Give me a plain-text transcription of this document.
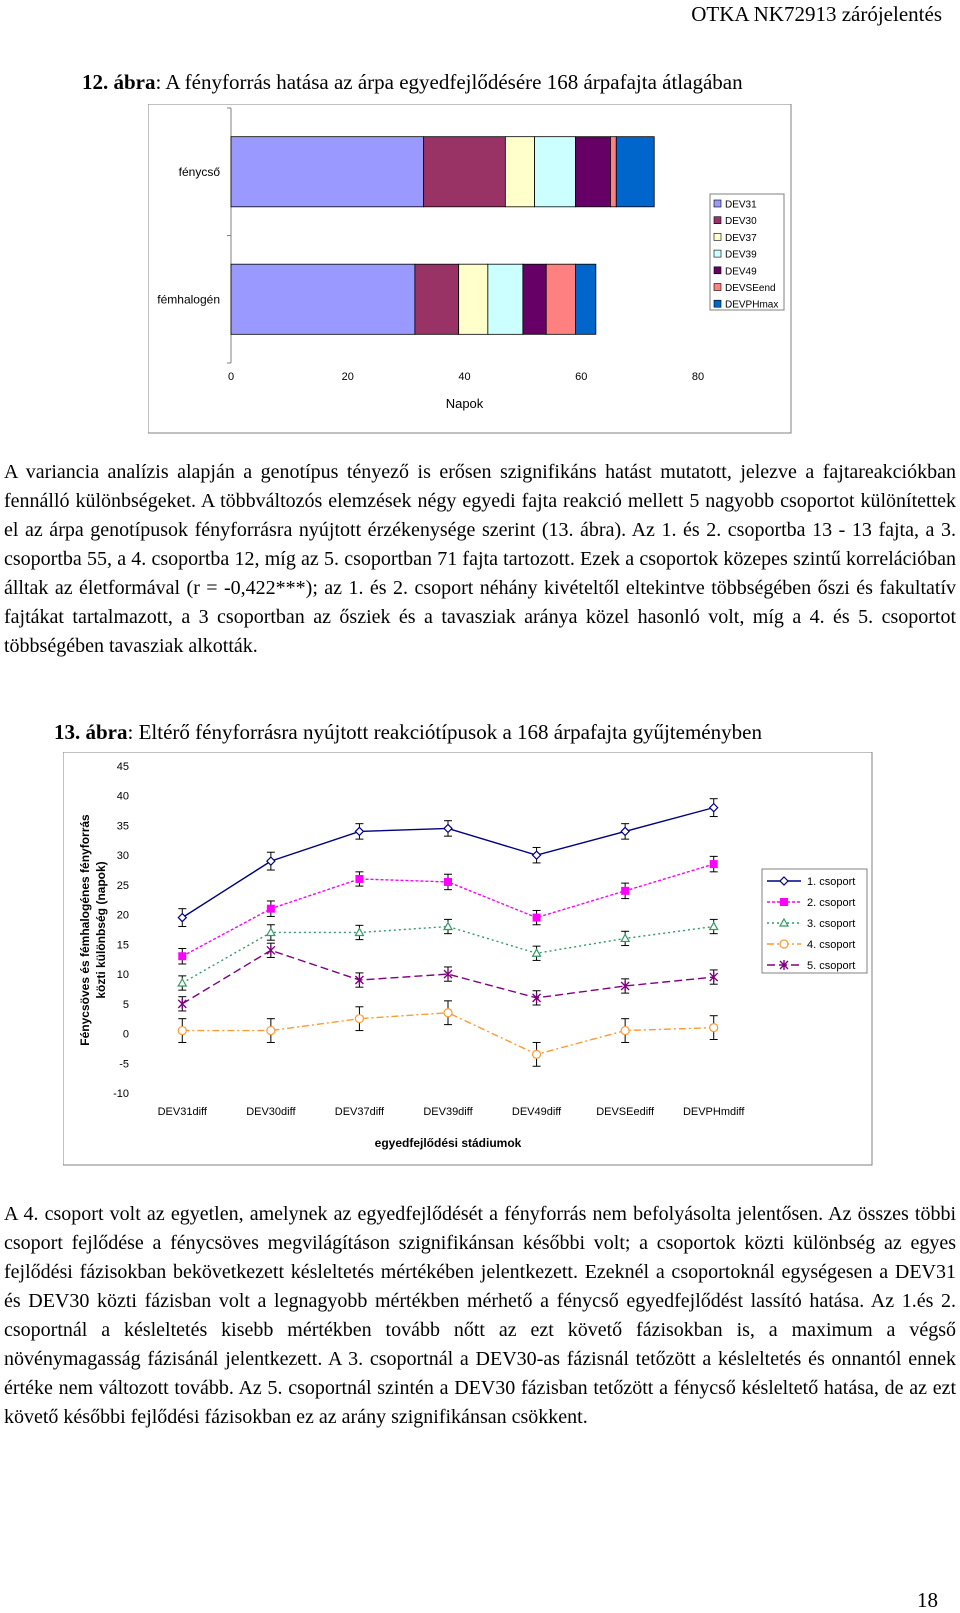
OTKA NK72913 zárójelentés
12. ábra: A fényforrás hatása az árpa egyedfejlődésére 168 árpafajta átlagában
0	20	40	60	80
Napok
fénycső
fémhalogén
DEV31
DEV30
DEV37
DEV39
DEV49
DEVSEend
DEVPHmax
A variancia analízis alapján a genotípus tényező is erősen szignifikáns hatást mutatott, jelezve a fajtareakciókban fennálló különbségeket. A többváltozós elemzések négy egyedi fajta reakció mellett 5 nagyobb csoportot különítettek el az árpa genotípusok fényforrásra nyújtott érzékenysége szerint (13. ábra). Az 1. és 2. csoportba 13 - 13 fajta, a 3. csoportba 55, a 4. csoportba 12, míg az 5. csoportban 71 fajta tartozott. Ezek a csoportok közepes szintű korrelációban álltak az életformával (r = -0,422***); az 1. és 2. csoport néhány kivételtől eltekintve többségében őszi és fakultatív fajtákat tartalmazott, a 3 csoportban az ősziek és a tavasziak aránya közel hasonló volt, míg a 4. és 5. csoportot többségében tavasziak alkották.
13. ábra: Eltérő fényforrásra nyújtott reakciótípusok a 168 árpafajta gyűjteményben
45
40
35
30
25
20
15
10
5
0
-5
-10
DEV31diff	DEV30diff	DEV37diff	DEV39diff	DEV49diff	DEVSEediff	DEVPHmdiff
egyedfejlődési stádiumok
Fénycsöves és fémhalogénes fényforrás közti különbség (napok)	1. csoport
2. csoport
3. csoport
4. csoport
5. csoport
A 4. csoport volt az egyetlen, amelynek az egyedfejlődését a fényforrás nem befolyásolta jelentősen. Az összes többi csoport fejlődése a fénycsöves megvilágításon szignifikánsan későbbi volt; a csoportok közti különbség az egyes fejlődési fázisokban bekövetkezett késleltetés mértékében jelentkezett. Ezeknél a csoportoknál egységesen a DEV31 és DEV30 közti fázisban volt a legnagyobb mértékben mérhető a fénycső egyedfejlődést lassító hatása. Az 1.és 2. csoportnál a késleltetés kisebb mértékben tovább nőtt az ezt követő fázisokban is, a maximum a végső növénymagasság fázisánál jelentkezett. A 3. csoportnál a DEV30-as fázisnál tetőzött a késleltetés és onnantól ennek értéke nem változott tovább. Az 5. csoportnál szintén a DEV30 fázisban tetőzött a fénycső késleltető hatása, de az ezt követő későbbi fejlődési fázisokban ez az arány szignifikánsan csökkent.
18
